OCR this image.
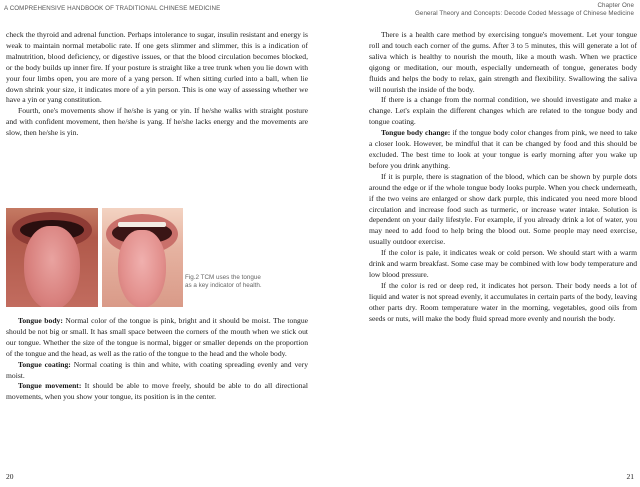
A COMPREHENSIVE HANDBOOK OF TRADITIONAL CHINESE MEDICINE

check the thyroid and adrenal function. Perhaps intolerance to sugar, insulin resistant and energy is weak to maintain normal metabolic rate. If one gets slimmer and slimmer, this is a indication of malnutrition, blood deficiency, or digestive issues, or that the blood circulation becomes blocked, or the body builds up inner fire. If your posture is straight like a tree trunk when you lie down with your four limbs open, you are more of a yang person. If when sitting curled into a ball, when lie down shrink your size, it indicates more of a yin person. This is one way of assessing whether we have a yin or yang constitution.

Fourth, one's movements show if he/she is yang or yin. If he/she walks with straight posture and with confident movement, then he/she is yang. If he/she lacks energy and the movements are slow, then he/she is yin.

Fig.2 TCM uses the tongue as a key indicator of health.

Tongue body: Normal color of the tongue is pink, bright and it should be moist. The tongue should be not big or small. It has small space between the corners of the mouth when we stick out our tongue. Whether the size of the tongue is normal, bigger or smaller depends on the proportion of the tongue and the head, as well as the ratio of the tongue to the head and the whole body.

Tongue coating: Normal coating is thin and white, with coating spreading evenly and very moist.

Tongue movement: It should be able to move freely, should be able to do all directional movements, when you show your tongue, its position is in the center.

20
Chapter One
General Theory and Concepts: Decode Coded Message of Chinese Medicine

There is a health care method by exercising tongue's movement. Let your tongue roll and touch each corner of the gums. After 3 to 5 minutes, this will generate a lot of saliva which is healthy to nourish the mouth, like a mouth wash. When we practice qigong or meditation, our mouth, especially underneath of tongue, generates body fluids and helps the body to relax, gain strength and flexibility. Swallowing the saliva will nourish the inside of the body.

If there is a change from the normal condition, we should investigate and make a change. Let's explain the different changes which are related to the tongue body and tongue coating.

Tongue body change: if the tongue body color changes from pink, we need to take a closer look. However, be mindful that it can be changed by food and this should be excluded. The best time to look at your tongue is early morning after you wake up before you drink anything.

If it is purple, there is stagnation of the blood, which can be shown by purple dots around the edge or if the whole tongue body looks purple. When you check underneath, if the two veins are enlarged or show dark purple, this indicated you need more blood circulation and increase food such as turmeric, or increase water intake. Solution is dependent on your daily lifestyle. For example, if you already drink a lot of water, you may need to add food to help bring the blood out. Some people may need exercise, usually outdoor exercise.

If the color is pale, it indicates weak or cold person. We should start with a warm drink and warm breakfast. Some case may be combined with low body temperature and low blood pressure.

If the color is red or deep red, it indicates hot person. Their body needs a lot of liquid and water is not spread evenly, it accumulates in certain parts of the body, leaving other parts dry. Room temperature water in the morning, vegetables, good oils from seeds or nuts, will make the body fluid spread more evenly and nourish the body.

21
